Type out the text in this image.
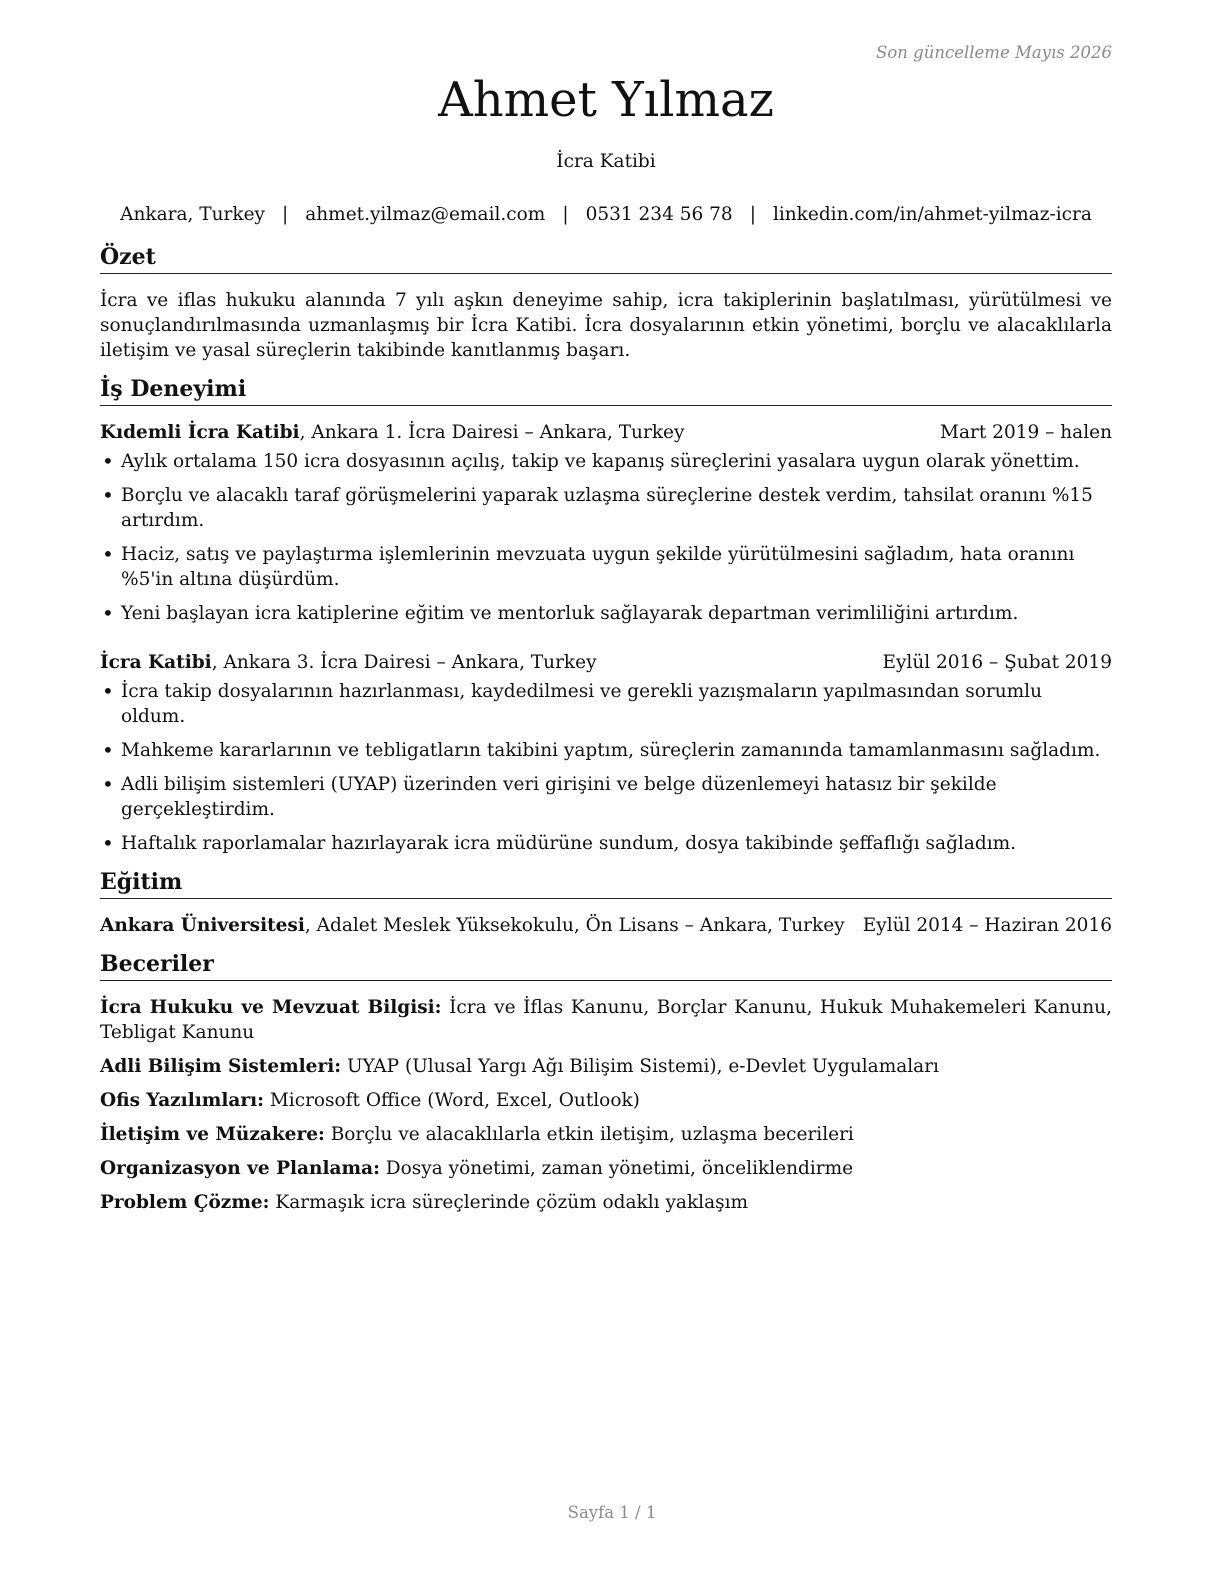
Son güncelleme Mayıs 2026
Ahmet Yılmaz
İcra Katibi
Ankara, Turkey | ahmet.yilmaz@email.com | 0531 234 56 78 | linkedin.com/in/ahmet-yilmaz-icra
Özet
İcra ve iflas hukuku alanında 7 yılı aşkın deneyime sahip, icra takiplerinin başlatılması, yürütülmesi ve sonuçlandırılmasında uzmanlaşmış bir İcra Katibi. İcra dosyalarının etkin yönetimi, borçlu ve alacaklılarla iletişim ve yasal süreçlerin takibinde kanıtlanmış başarı.
İş Deneyimi
Kıdemli İcra Katibi, Ankara 1. İcra Dairesi – Ankara, Turkey	Mart 2019 – halen
• Aylık ortalama 150 icra dosyasının açılış, takip ve kapanış süreçlerini yasalara uygun olarak yönettim.
• Borçlu ve alacaklı taraf görüşmelerini yaparak uzlaşma süreçlerine destek verdim, tahsilat oranını %15 artırdım.
• Haciz, satış ve paylaştırma işlemlerinin mevzuata uygun şekilde yürütülmesini sağladım, hata oranını %5'in altına düşürdüm.
• Yeni başlayan icra katiplerine eğitim ve mentorluk sağlayarak departman verimliliğini artırdım.
İcra Katibi, Ankara 3. İcra Dairesi – Ankara, Turkey	Eylül 2016 – Şubat 2019
• İcra takip dosyalarının hazırlanması, kaydedilmesi ve gerekli yazışmaların yapılmasından sorumlu oldum.
• Mahkeme kararlarının ve tebligatların takibini yaptım, süreçlerin zamanında tamamlanmasını sağladım.
• Adli bilişim sistemleri (UYAP) üzerinden veri girişini ve belge düzenlemeyi hatasız bir şekilde gerçekleştirdim.
• Haftalık raporlamalar hazırlayarak icra müdürüne sundum, dosya takibinde şeffaflığı sağladım.
Eğitim
Ankara Üniversitesi, Adalet Meslek Yüksekokulu, Ön Lisans – Ankara, Turkey Eylül 2014 – Haziran 2016
Beceriler
İcra Hukuku ve Mevzuat Bilgisi: İcra ve İflas Kanunu, Borçlar Kanunu, Hukuk Muhakemeleri Kanunu, Tebligat Kanunu
Adli Bilişim Sistemleri: UYAP (Ulusal Yargı Ağı Bilişim Sistemi), e-Devlet Uygulamaları
Ofis Yazılımları: Microsoft Office (Word, Excel, Outlook)
İletişim ve Müzakere: Borçlu ve alacaklılarla etkin iletişim, uzlaşma becerileri
Organizasyon ve Planlama: Dosya yönetimi, zaman yönetimi, önceliklendirme
Problem Çözme: Karmaşık icra süreçlerinde çözüm odaklı yaklaşım
Sayfa 1 / 1
